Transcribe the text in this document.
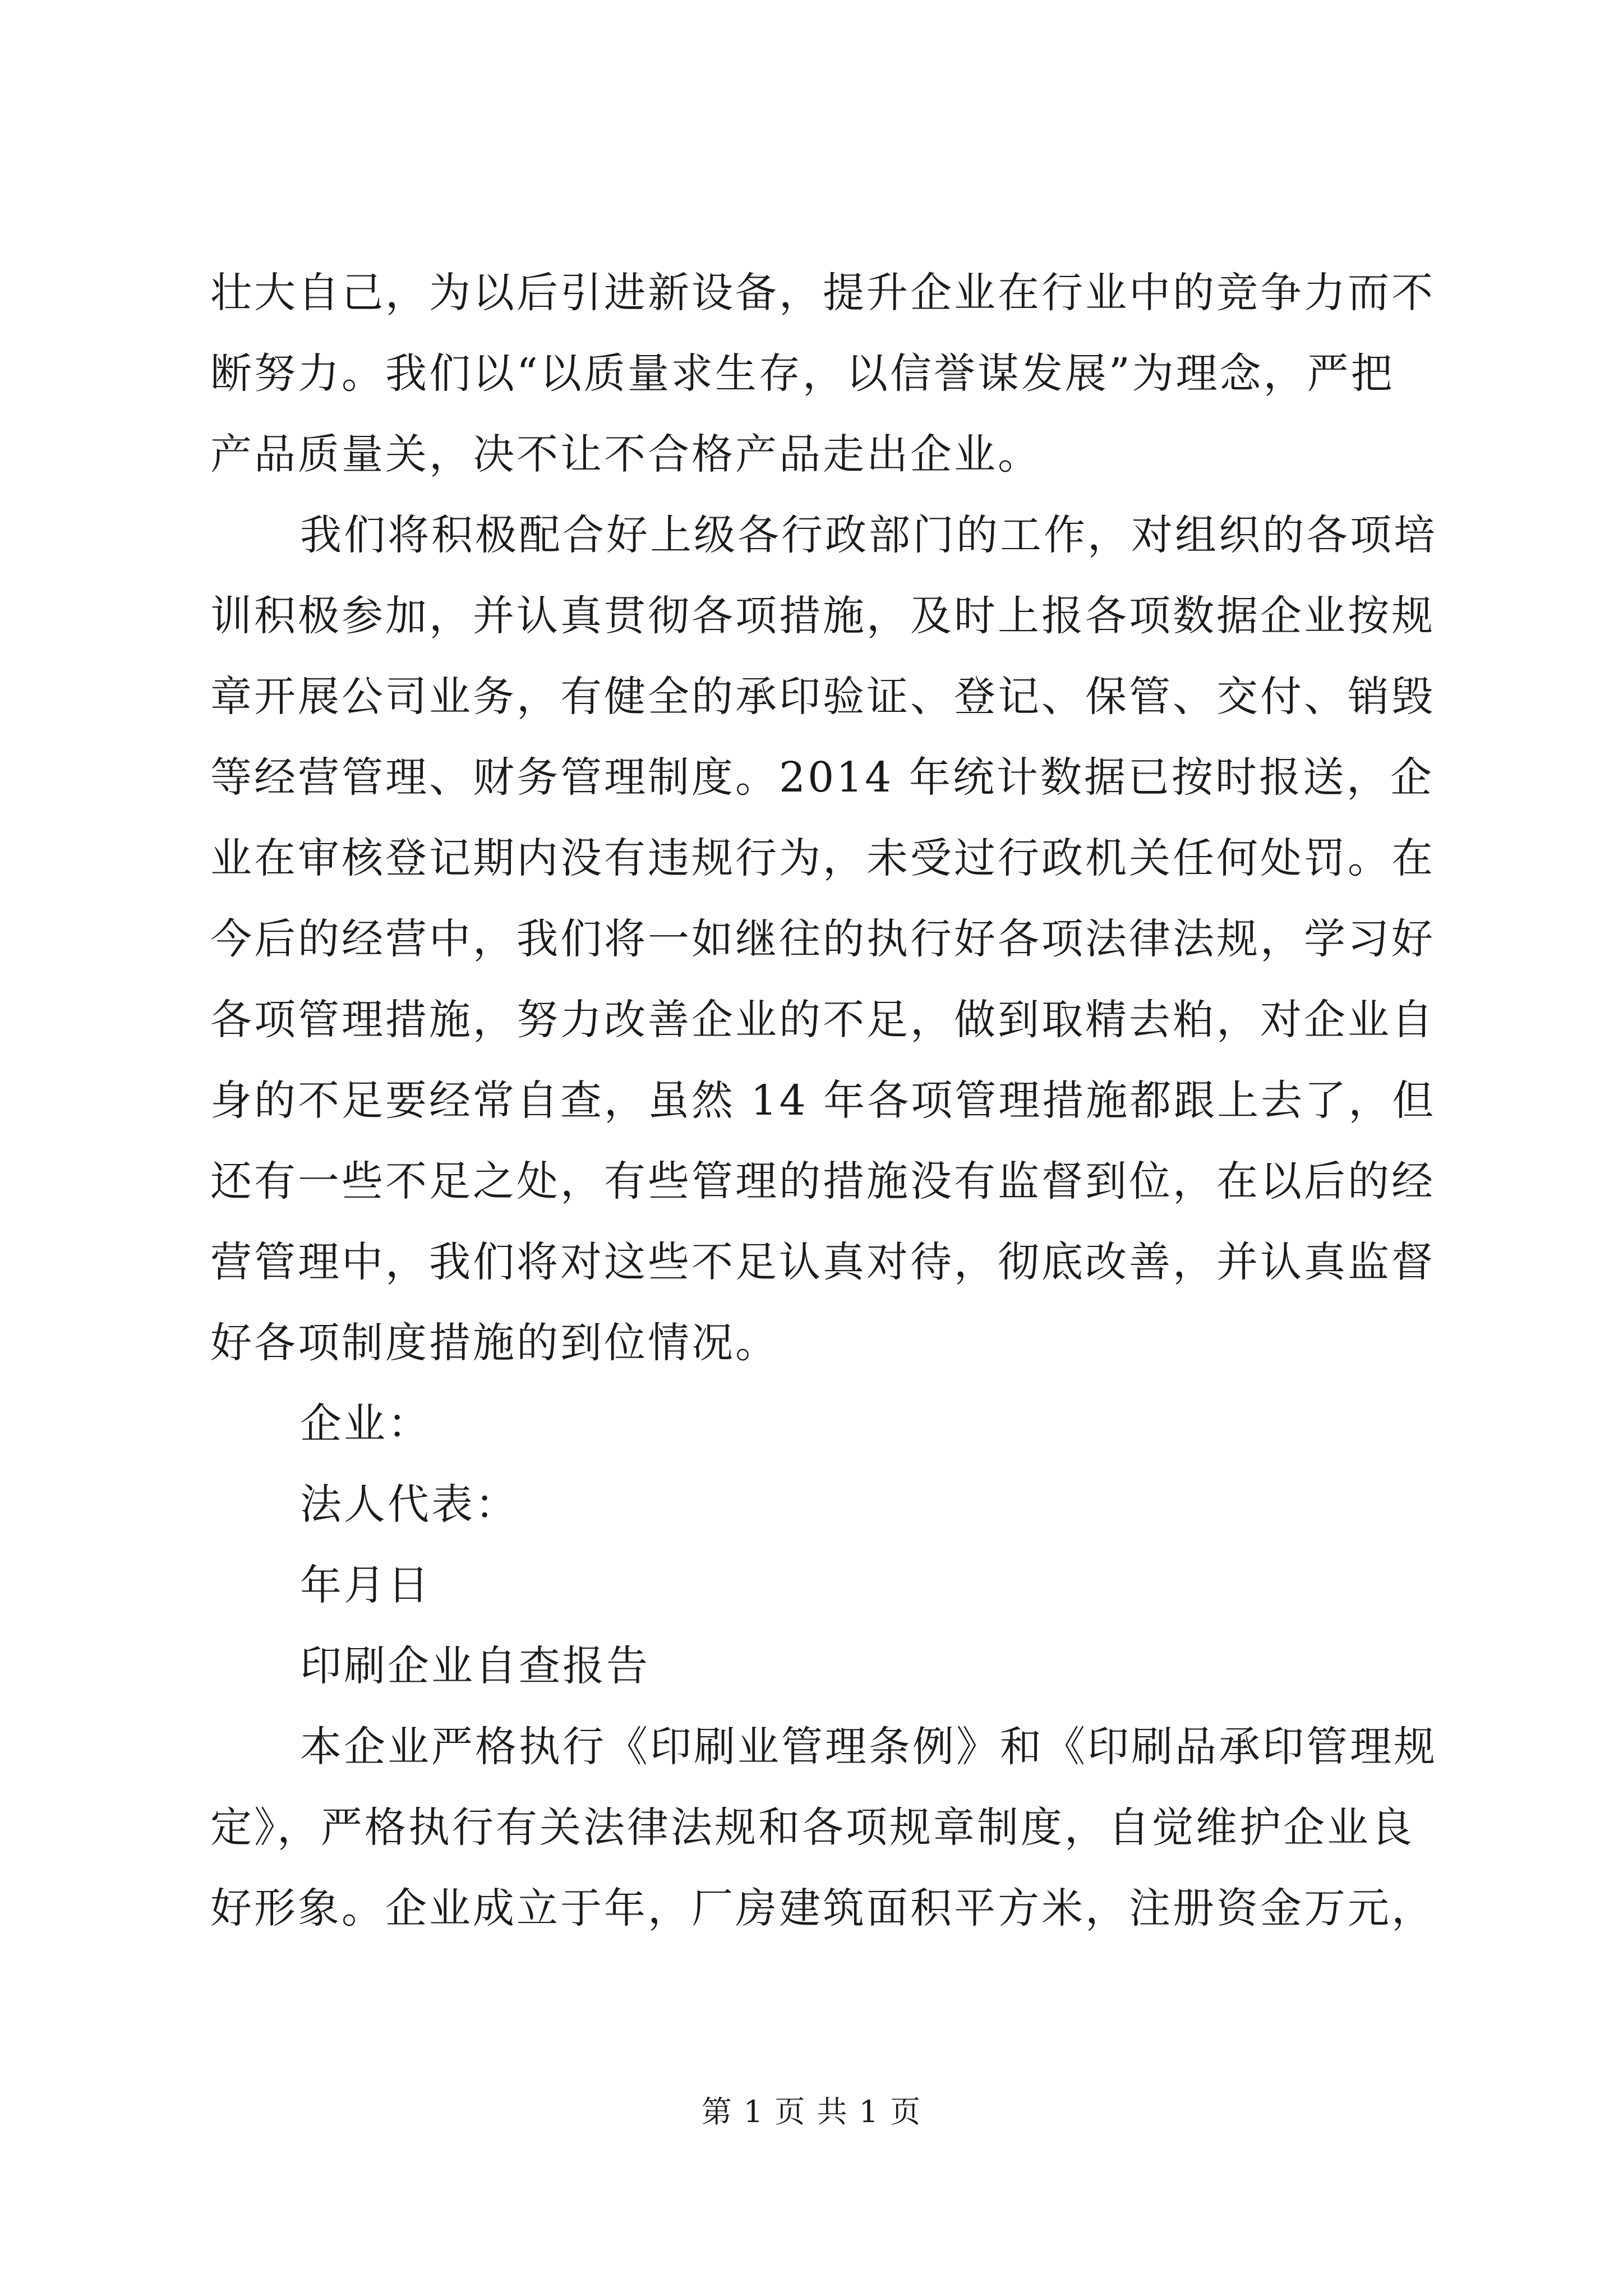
壮大自己，为以后引进新设备，提升企业在行业中的竞争力而不
断努力。我们以“以质量求生存，以信誉谋发展”为理念，严把
产品质量关，决不让不合格产品走出企业。
我们将积极配合好上级各行政部门的工作，对组织的各项培
训积极参加，并认真贯彻各项措施，及时上报各项数据企业按规
章开展公司业务，有健全的承印验证、登记、保管、交付、销毁
等经营管理、财务管理制度。2014 年统计数据已按时报送，企
业在审核登记期内没有违规行为，未受过行政机关任何处罚。在
今后的经营中，我们将一如继往的执行好各项法律法规，学习好
各项管理措施，努力改善企业的不足，做到取精去粕，对企业自
身的不足要经常自查，虽然 14 年各项管理措施都跟上去了，但
还有一些不足之处，有些管理的措施没有监督到位，在以后的经
营管理中，我们将对这些不足认真对待，彻底改善，并认真监督
好各项制度措施的到位情况。
企业：
法人代表：
年月日
印刷企业自查报告
本企业严格执行《印刷业管理条例》和《印刷品承印管理规
定》，严格执行有关法律法规和各项规章制度，自觉维护企业良
好形象。企业成立于年，厂房建筑面积平方米，注册资金万元，
第 1 页 共 1 页
